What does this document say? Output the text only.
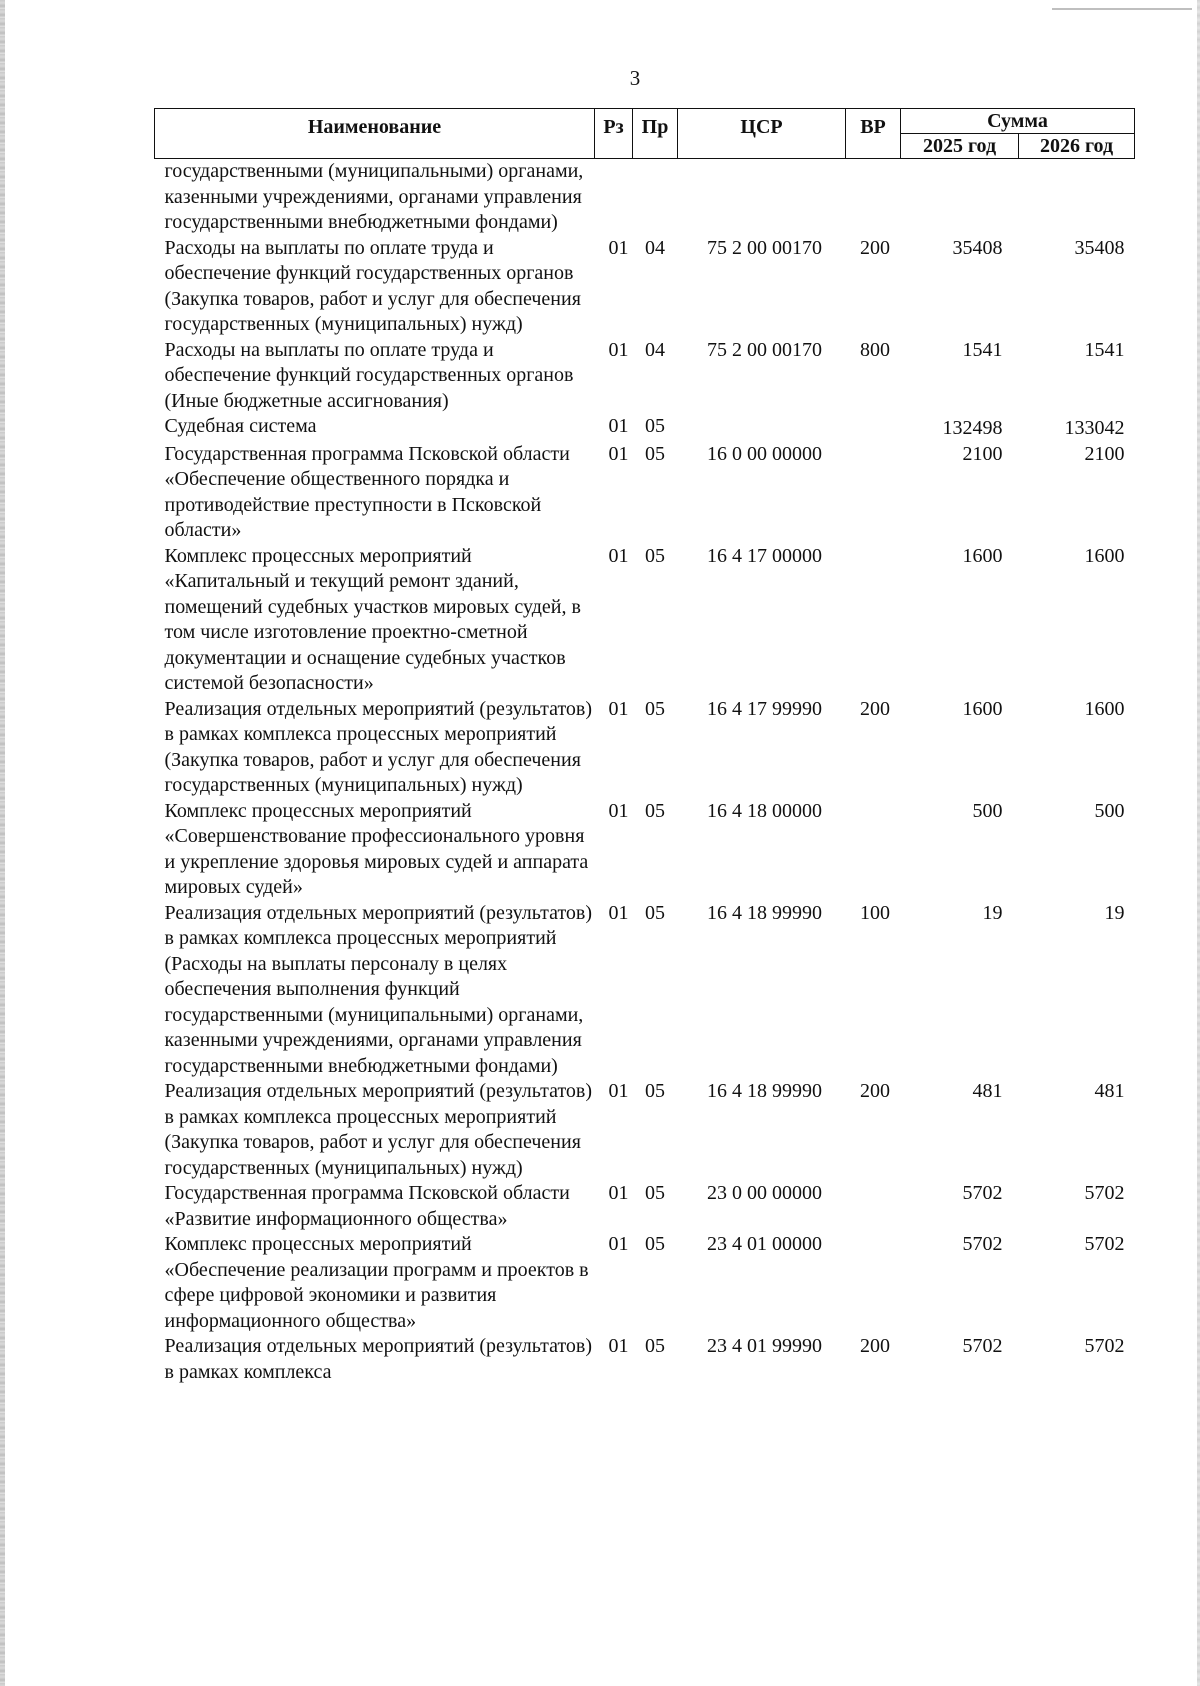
3
Наименование	Рз	Пр	ЦСР	ВР	Сумма	
					2025 год	2026 год
государственными (муниципальными) органами, казенными учреждениями, органами управления государственными внебюджетными фондами)						
Расходы на выплаты по оплате труда и обеспечение функций государственных органов (Закупка товаров, работ и услуг для обеспечения государственных (муниципальных) нужд)	01	04	75 2 00 00170	200	35408	35408
Расходы на выплаты по оплате труда и обеспечение функций государственных органов (Иные бюджетные ассигнования)	01	04	75 2 00 00170	800	1541	1541
Судебная система	01	05			132498	133042
Государственная программа Псковской области «Обеспечение общественного порядка и противодействие преступности в Псковской области»	01	05	16 0 00 00000		2100	2100
Комплекс процессных мероприятий «Капитальный и текущий ремонт зданий, помещений судебных участков мировых судей, в том числе изготовление проектно-сметной документации и оснащение судебных участков системой безопасности»	01	05	16 4 17 00000		1600	1600
Реализация отдельных мероприятий (результатов) в рамках комплекса процессных мероприятий (Закупка товаров, работ и услуг для обеспечения государственных (муниципальных) нужд)	01	05	16 4 17 99990	200	1600	1600
Комплекс процессных мероприятий «Совершенствование профессионального уровня и укрепление здоровья мировых судей и аппарата мировых судей»	01	05	16 4 18 00000		500	500
Реализация отдельных мероприятий (результатов) в рамках комплекса процессных мероприятий (Расходы на выплаты персоналу в целях обеспечения выполнения функций государственными (муниципальными) органами, казенными учреждениями, органами управления государственными внебюджетными фондами)	01	05	16 4 18 99990	100	19	19
Реализация отдельных мероприятий (результатов) в рамках комплекса процессных мероприятий (Закупка товаров, работ и услуг для обеспечения государственных (муниципальных) нужд)	01	05	16 4 18 99990	200	481	481
Государственная программа Псковской области «Развитие информационного общества»	01	05	23 0 00 00000		5702	5702
Комплекс процессных мероприятий «Обеспечение реализации программ и проектов в сфере цифровой экономики и развития информационного общества»	01	05	23 4 01 00000		5702	5702
Реализация отдельных мероприятий (результатов) в рамках комплекса	01	05	23 4 01 99990	200	5702	5702
